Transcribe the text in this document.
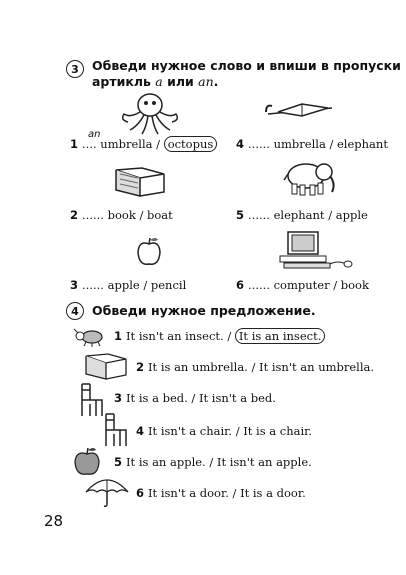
3	Обведи нужное слово и впиши в пропуски
артикль a или an.
1
an
.... umbrella / octopus	4 ...... umbrella / elephant
2 ...... book / boat	5 ...... elephant / apple
3 ...... apple / pencil	6 ...... computer / book
4	Обведи нужное предложение.
1 It isn't an insect. / It is an insect.
2 It is an umbrella. / It isn't an umbrella.
3 It is a bed. / It isn't a bed.
4 It isn't a chair. / It is a chair.
5 It is an apple. / It isn't an apple.
6 It isn't a door. / It is a door.
28
